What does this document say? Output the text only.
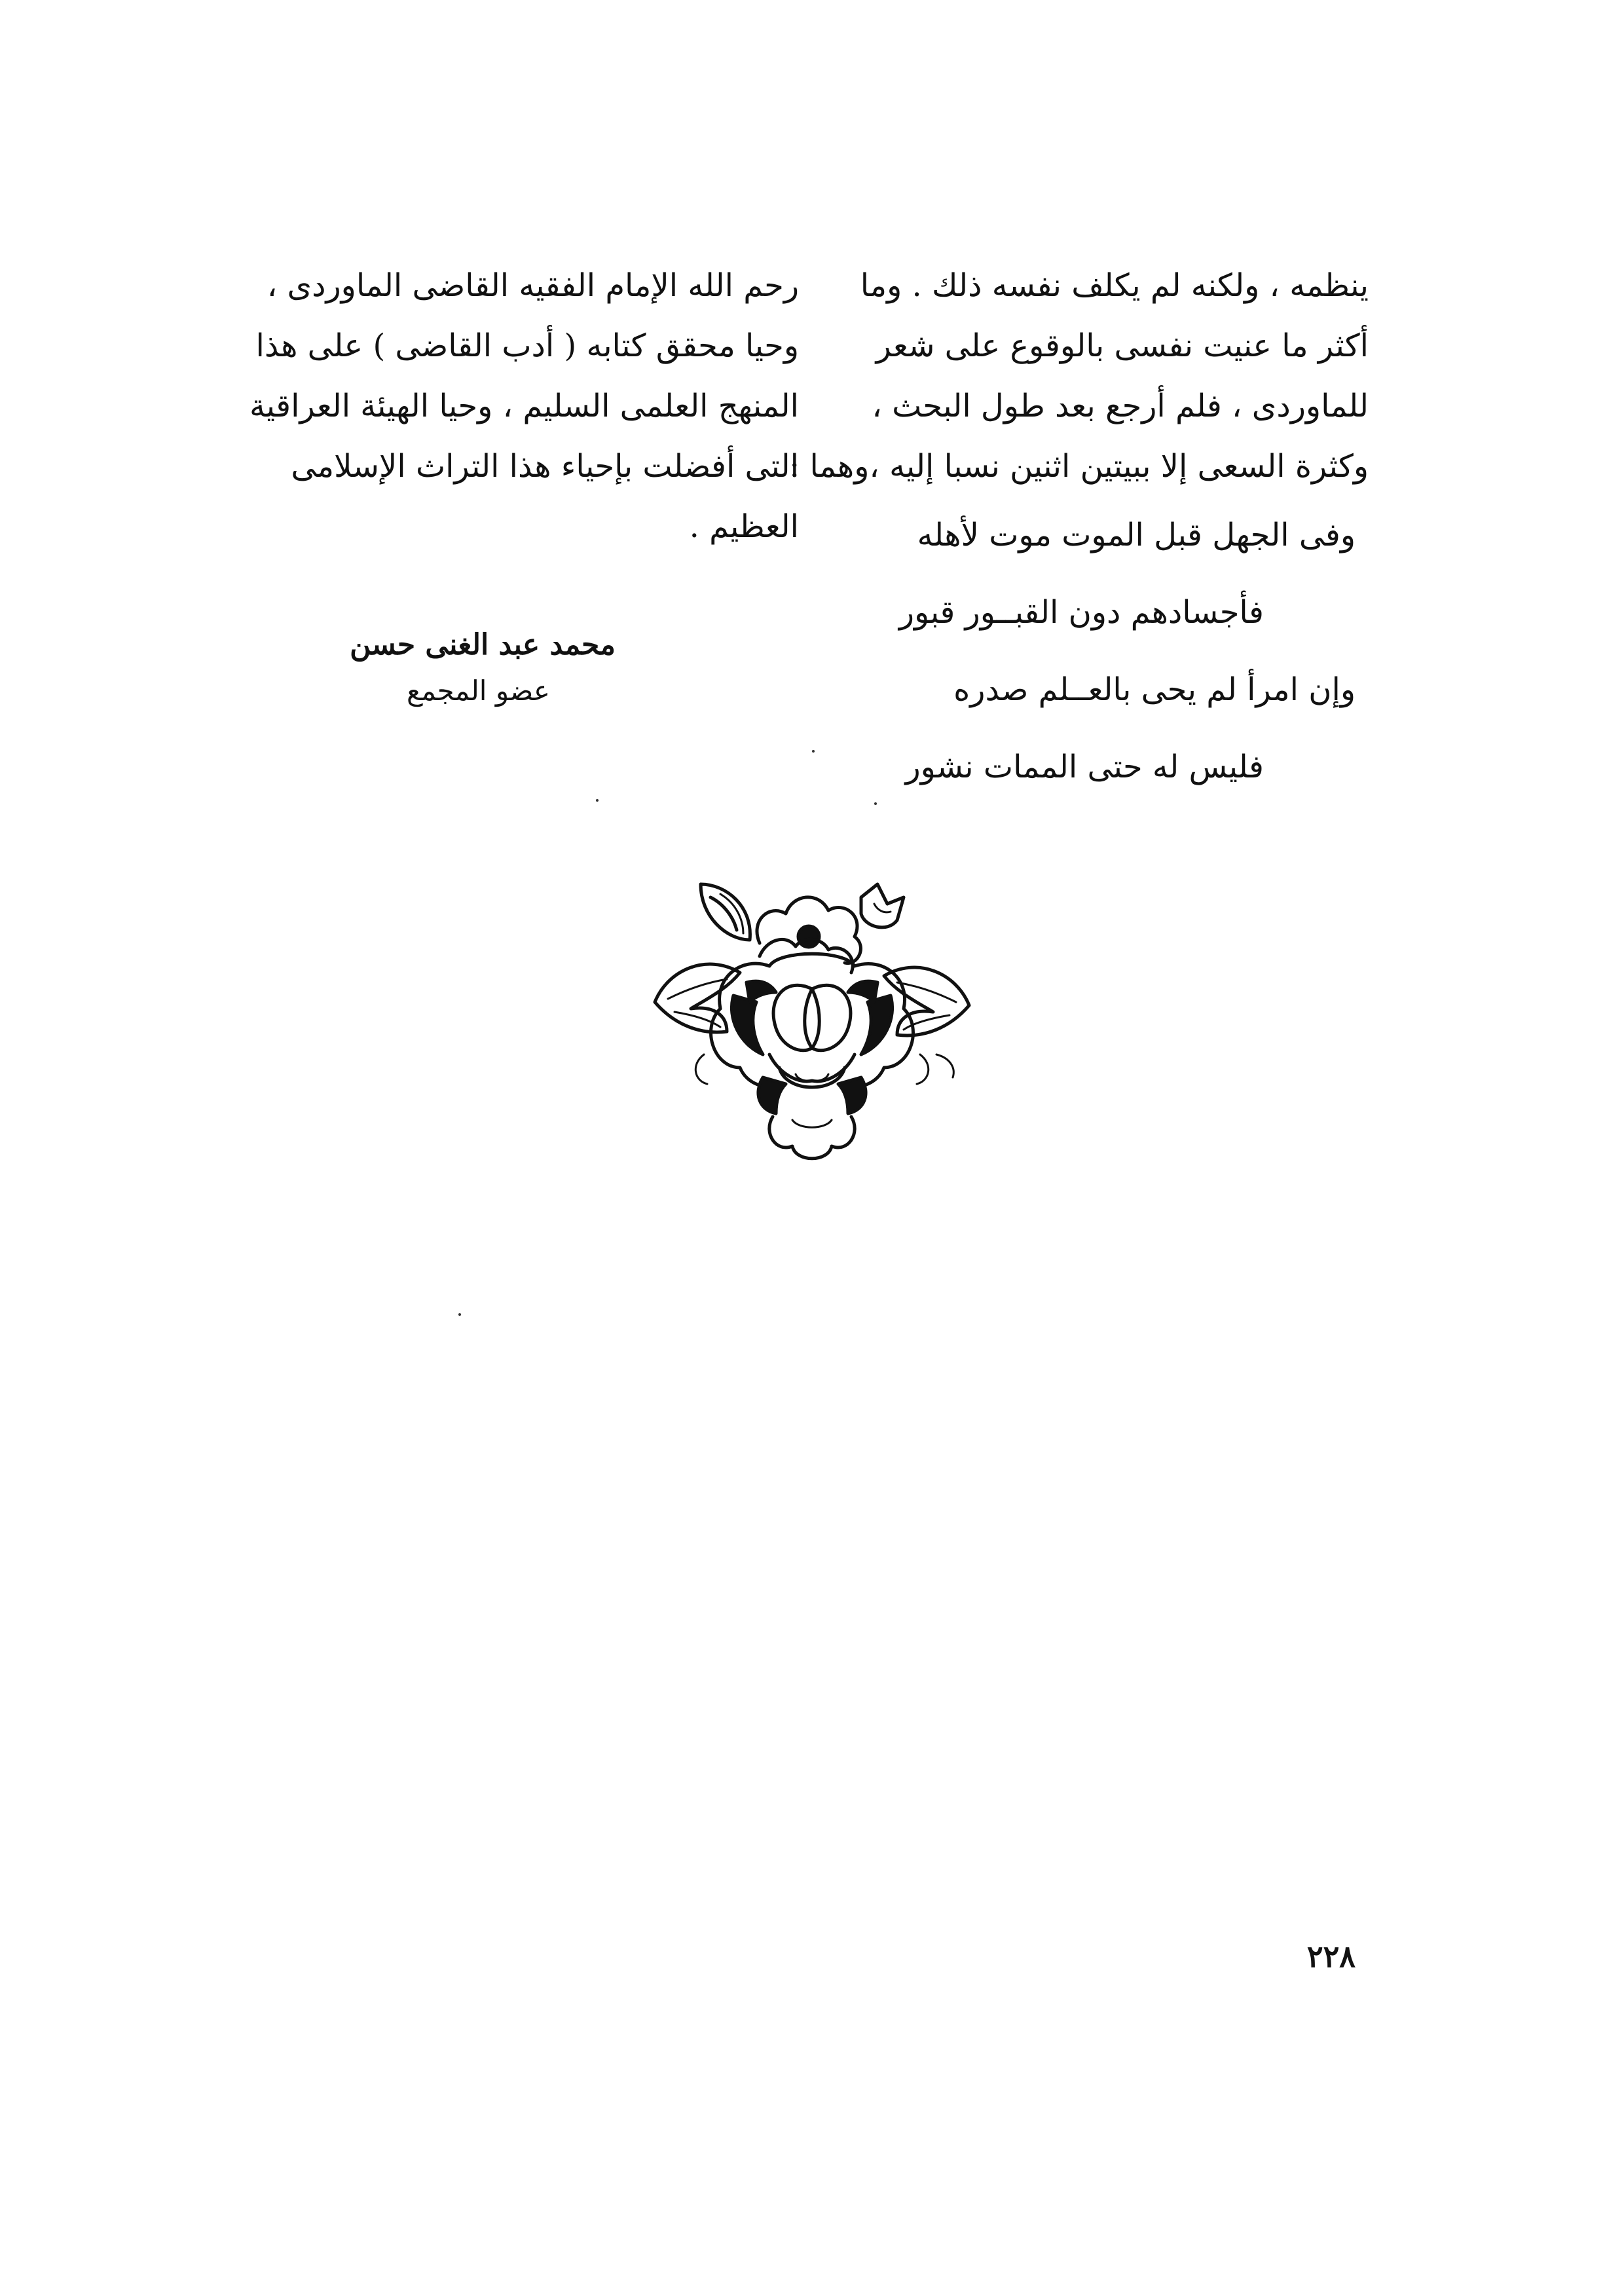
ينظمه ، ولكنه لم يكلف نفسه ذلك . وما
أكثر ما عنيت نفسى بالوقوع على شعر
للماوردى ، فلم أرجع بعد طول البحث ،
وكثرة السعى إلا ببيتين اثنين نسبا إليه ،وهما :
وفى الجهل قبل الموت موت لأهله
فأجسادهم دون القبــور قبور
وإن امرأ لم يحى بالعــلم صدره
فليس له حتى الممات نشور
رحم الله الإمام الفقيه القاضى الماوردى ،
وحيا محقق كتابه ( أدب القاضى ) على هذا
المنهج العلمى السليم ، وحيا الهيئة العراقية
التى أفضلت بإحياء هذا التراث الإسلامى
العظيم .
محمد عبد الغنى حسن
عضو المجمع
٢٢٨
